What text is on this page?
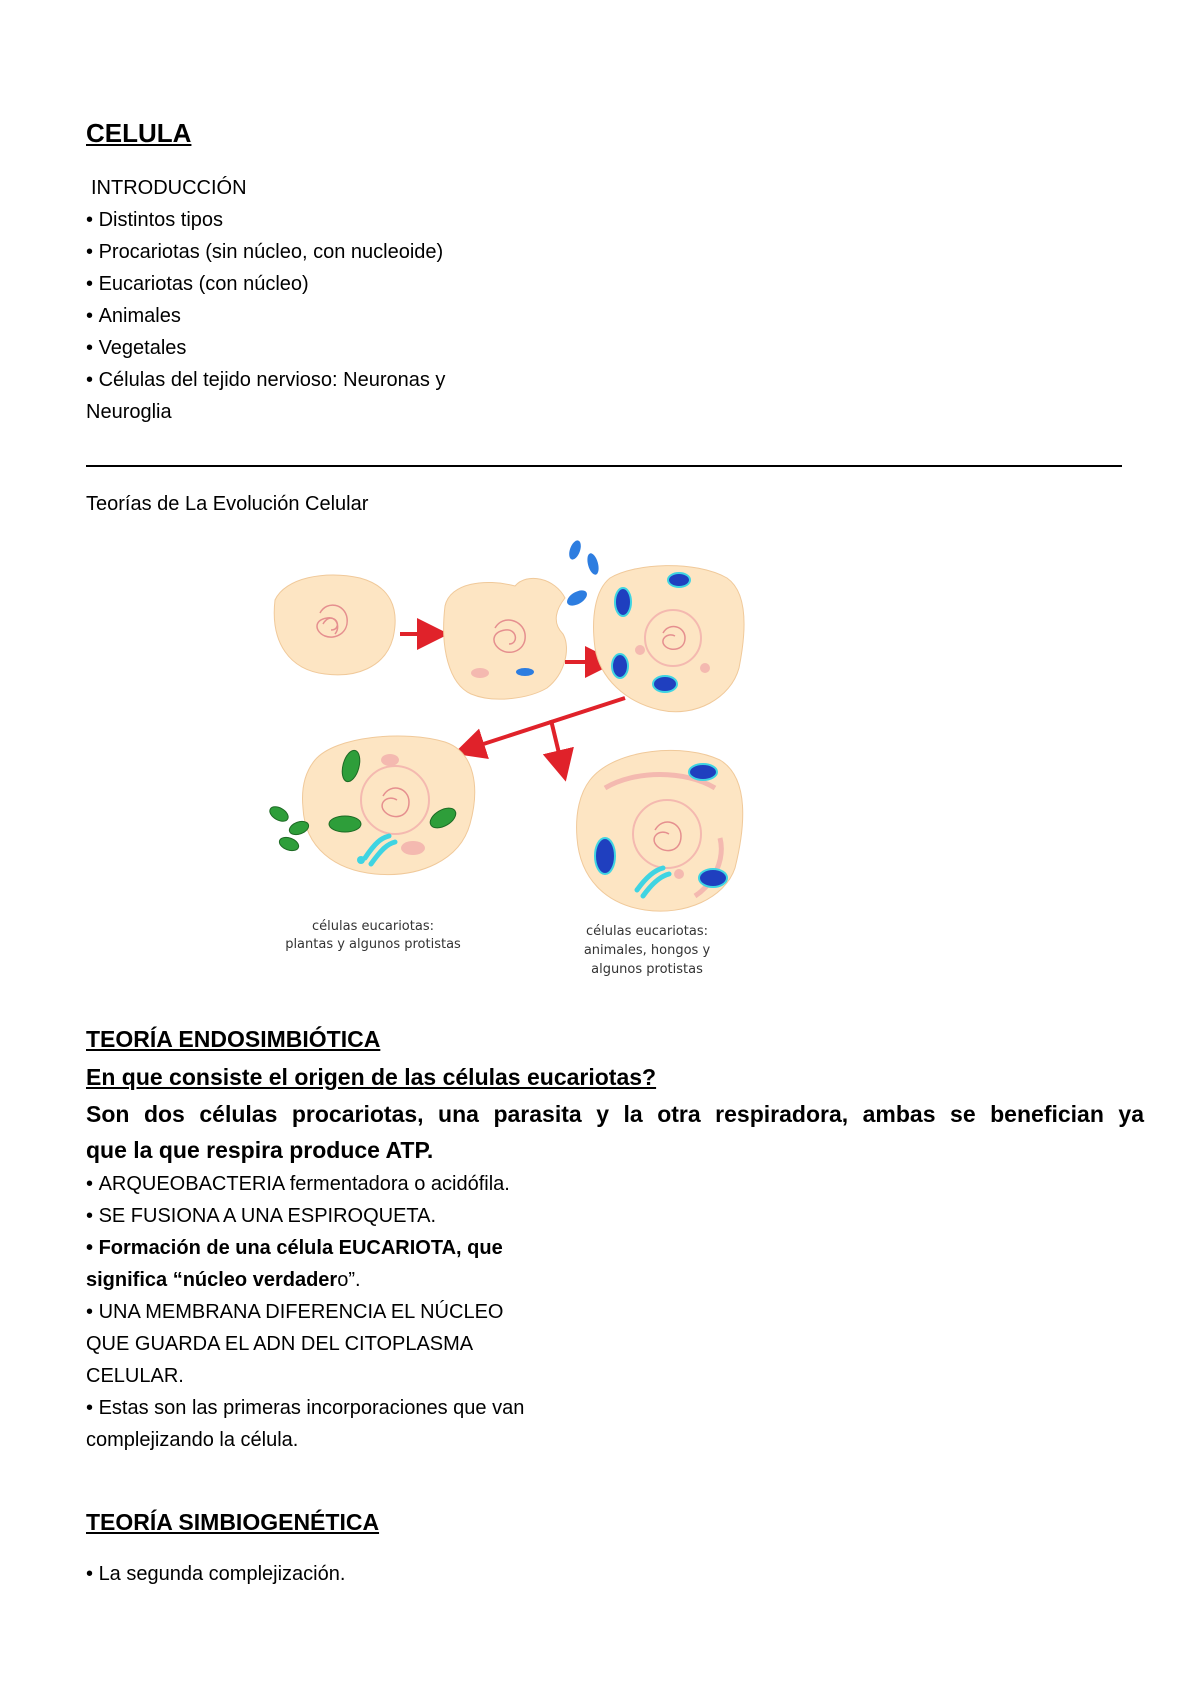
CELULA
INTRODUCCIÓN
• Distintos tipos
• Procariotas (sin núcleo, con nucleoide)
• Eucariotas (con núcleo)
• Animales
• Vegetales
• Células del tejido nervioso: Neuronas y
Neuroglia
Teorías de La Evolución Celular
células eucariotas:
plantas y algunos protistas
células eucariotas:
animales, hongos y
algunos protistas
TEORÍA ENDOSIMBIÓTICA
En que consiste el origen de las células eucariotas?
Son dos células procariotas, una parasita y la otra respiradora, ambas se benefician ya
que la que respira produce ATP.
• ARQUEOBACTERIA fermentadora o acidófila.
• SE FUSIONA A UNA ESPIROQUETA.
• Formación de una célula EUCARIOTA, que
significa “núcleo verdadero”.
• UNA MEMBRANA DIFERENCIA EL NÚCLEO
QUE GUARDA EL ADN DEL CITOPLASMA
CELULAR.
• Estas son las primeras incorporaciones que van
complejizando la célula.
TEORÍA SIMBIOGENÉTICA
• La segunda complejización.
